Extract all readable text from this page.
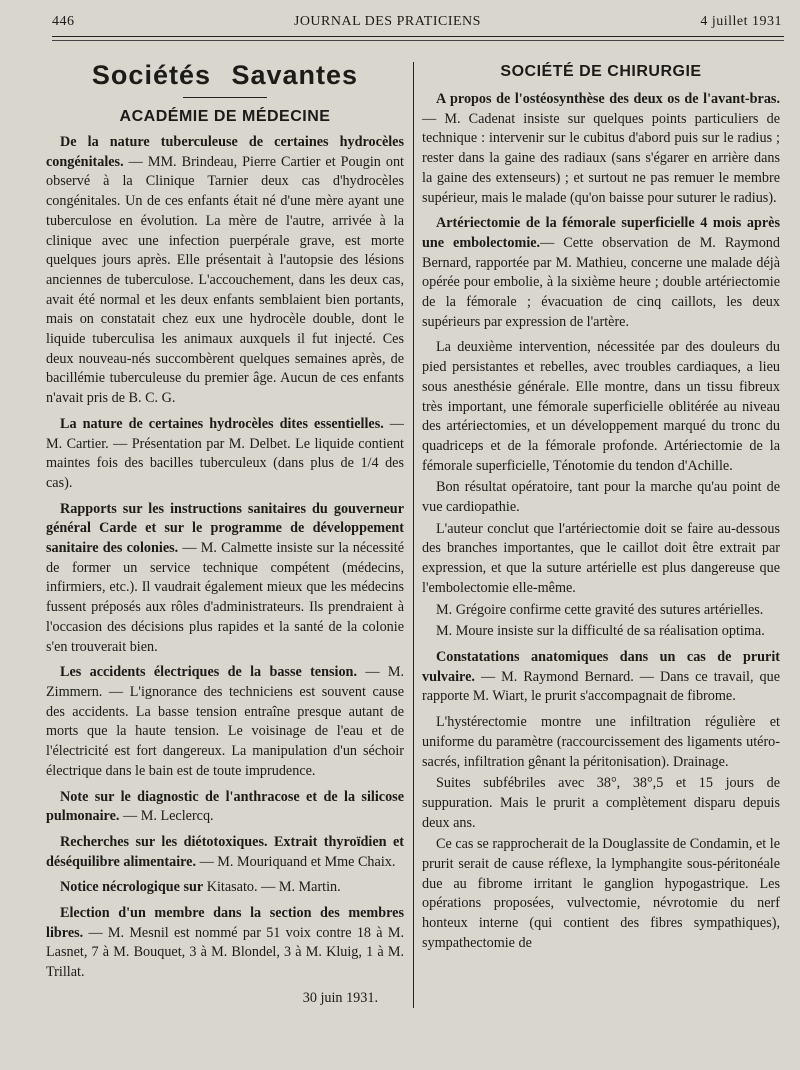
446	JOURNAL DES PRATICIENS	4 juillet 1931
Sociétés Savantes
ACADÉMIE DE MÉDECINE

De la nature tuberculeuse de certaines hydrocèles congénitales. — MM. Brindeau, Pierre Cartier et Pougin ont observé à la Clinique Tarnier deux cas d'hydrocèles congénitales. Un de ces enfants était né d'une mère ayant une tuberculose en évolution. La mère de l'autre, arrivée à la clinique avec une infection puerpérale grave, est morte quelques jours après. Elle présentait à l'autopsie des lésions anciennes de tuberculose. L'accouchement, dans les deux cas, avait été normal et les deux enfants semblaient bien portants, mais on constatait chez eux une hydrocèle double, dont le liquide tuberculisa les animaux auxquels il fut injecté. Ces deux nouveau-nés succombèrent quelques semaines après, de bacillémie tuberculeuse du premier âge. Aucun de ces enfants n'avait pris de B. C. G.

La nature de certaines hydrocèles dites essentielles. — M. Cartier. — Présentation par M. Delbet. Le liquide contient maintes fois des bacilles tuberculeux (dans plus de 1/4 des cas).

Rapports sur les instructions sanitaires du gouverneur général Carde et sur le programme de développement sanitaire des colonies. — M. Calmette insiste sur la nécessité de former un service technique compétent (médecins, infirmiers, etc.). Il vaudrait également mieux que les médecins fussent préposés aux rôles d'administrateurs. Ils prendraient à l'occasion des décisions plus rapides et la santé de la colonie s'en trouverait bien.

Les accidents électriques de la basse tension. — M. Zimmern. — L'ignorance des techniciens est souvent cause des accidents. La basse tension entraîne presque autant de morts que la haute tension. Le voisinage de l'eau et de l'électricité est fort dangereux. La manipulation d'un séchoir électrique dans le bain est de toute imprudence.

Note sur le diagnostic de l'anthracose et de la silicose pulmonaire. — M. Leclercq.

Recherches sur les diétotoxiques. Extrait thyroïdien et déséquilibre alimentaire. — M. Mouriquand et Mme Chaix.

Notice nécrologique sur Kitasato. — M. Martin.

Election d'un membre dans la section des membres libres. — M. Mesnil est nommé par 51 voix contre 18 à M. Lasnet, 7 à M. Bouquet, 3 à M. Blondel, 3 à M. Kluig, 1 à M. Trillat.

30 juin 1931.
SOCIÉTÉ DE CHIRURGIE

A propos de l'ostéosynthèse des deux os de l'avant-bras. — M. Cadenat insiste sur quelques points particuliers de technique : intervenir sur le cubitus d'abord puis sur le radius ; rester dans la gaine des radiaux (sans s'égarer en arrière dans la gaine des extenseurs) ; et surtout ne pas remuer le membre supérieur, mais le malade (qu'on baisse pour suturer le radius).

Artériectomie de la fémorale superficielle 4 mois après une embolectomie.— Cette observation de M. Raymond Bernard, rapportée par M. Mathieu, concerne une malade déjà opérée pour embolie, à la sixième heure ; double artériectomie de la fémorale ; évacuation de cinq caillots, les deux supérieurs par expression de l'artère.

La deuxième intervention, nécessitée par des douleurs du pied persistantes et rebelles, avec troubles cardiaques, a lieu sous anesthésie générale. Elle montre, dans un tissu fibreux très important, une fémorale superficielle oblitérée au niveau des artériectomies, et un développement marqué du tronc du quadriceps et de la fémorale profonde. Artériectomie de la fémorale superficielle, Ténotomie du tendon d'Achille.

Bon résultat opératoire, tant pour la marche qu'au point de vue cardiopathie.

L'auteur conclut que l'artériectomie doit se faire au-dessous des branches importantes, que le caillot doit être extrait par expression, et que la suture artérielle est plus dangereuse que l'embolectomie elle-même.

M. Grégoire confirme cette gravité des sutures artérielles.

M. Moure insiste sur la difficulté de sa réalisation optima.

Constatations anatomiques dans un cas de prurit vulvaire. — M. Raymond Bernard. — Dans ce travail, que rapporte M. Wiart, le prurit s'accompagnait de fibrome.

L'hystérectomie montre une infiltration régulière et uniforme du paramètre (raccourcissement des ligaments utéro-sacrés, infiltration gênant la péritonisation). Drainage.

Suites subfébriles avec 38°, 38°,5 et 15 jours de suppuration. Mais le prurit a complètement disparu depuis deux ans.

Ce cas se rapprocherait de la Douglassite de Condamin, et le prurit serait de cause réflexe, la lymphangite sous-péritonéale due au fibrome irritant le ganglion hypogastrique. Les opérations proposées, vulvectomie, névrotomie du nerf honteux interne (qui contient des fibres sympathiques), sympathectomie de
